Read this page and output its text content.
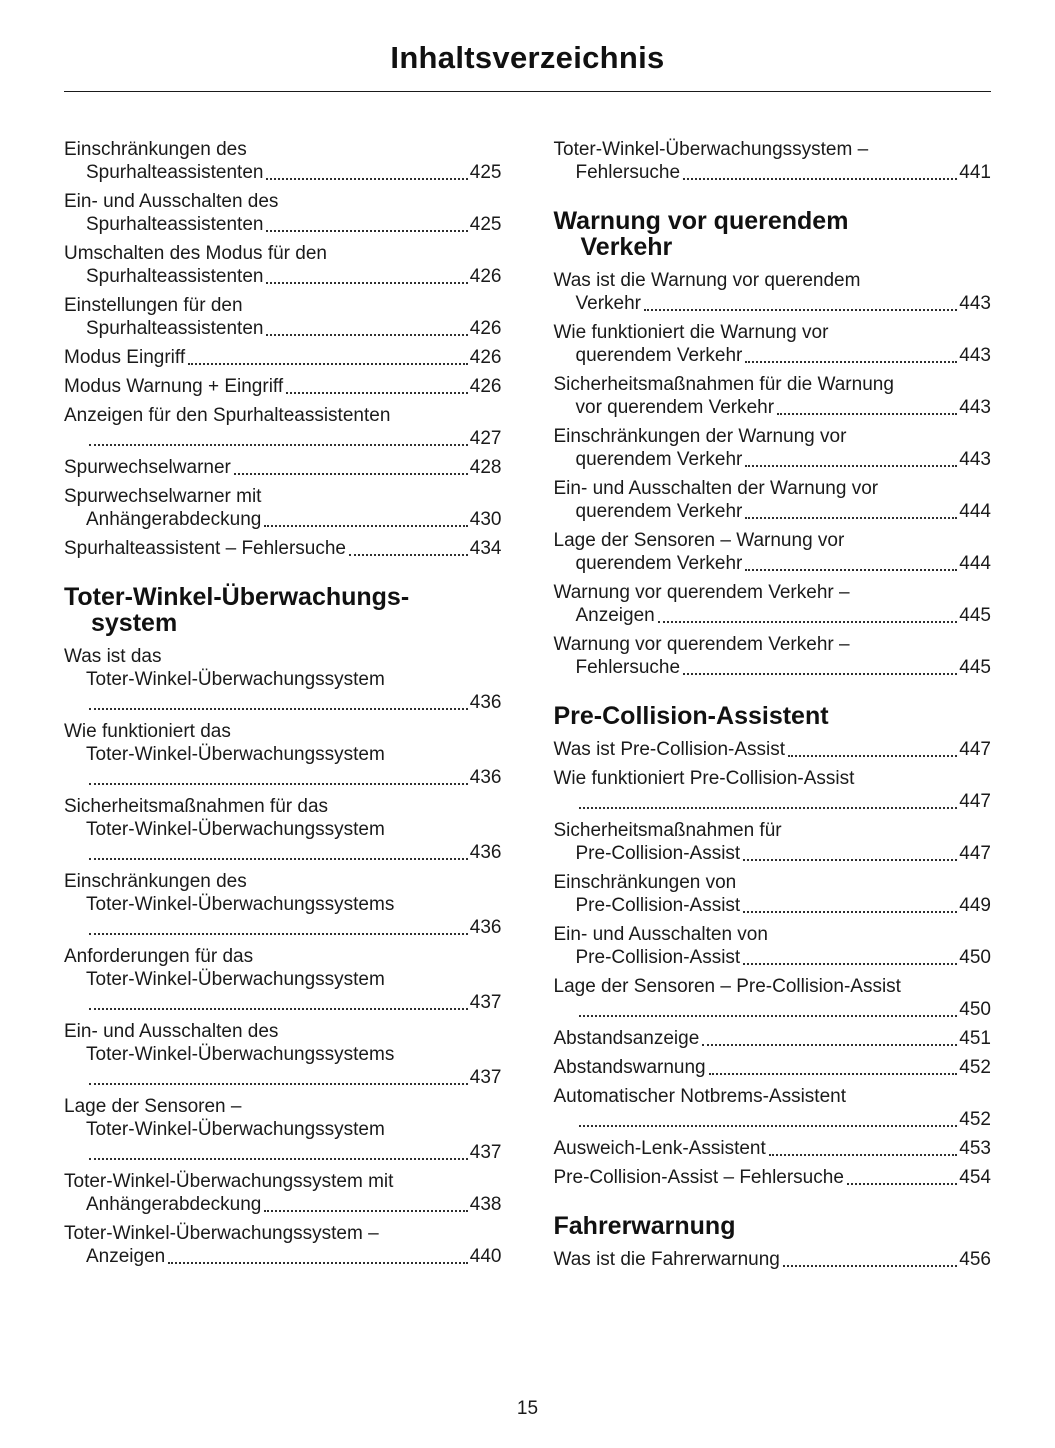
Inhaltsverzeichnis
Einschränkungen des
Spurhalteassistenten	425
Ein- und Ausschalten des
Spurhalteassistenten	425
Umschalten des Modus für den
Spurhalteassistenten	426
Einstellungen für den
Spurhalteassistenten	426
Modus Eingriff	426
Modus Warnung + Eingriff	426
Anzeigen für den Spurhalteassistenten
427
Spurwechselwarner	428
Spurwechselwarner mit
Anhängerabdeckung	430
Spurhalteassistent – Fehlersuche	434
Toter-Winkel-Überwachungs-
system
Was ist das
Toter-Winkel-Überwachungssystem
436
Wie funktioniert das
Toter-Winkel-Überwachungssystem
436
Sicherheitsmaßnahmen für das
Toter-Winkel-Überwachungssystem
436
Einschränkungen des
Toter-Winkel-Überwachungssystems
436
Anforderungen für das
Toter-Winkel-Überwachungssystem
437
Ein- und Ausschalten des
Toter-Winkel-Überwachungssystems
437
Lage der Sensoren –
Toter-Winkel-Überwachungssystem
437
Toter-Winkel-Überwachungssystem mit
Anhängerabdeckung	438
Toter-Winkel-Überwachungssystem –
Anzeigen	440
Toter-Winkel-Überwachungssystem –
Fehlersuche	441
Warnung vor querendem
Verkehr
Was ist die Warnung vor querendem
Verkehr	443
Wie funktioniert die Warnung vor
querendem Verkehr	443
Sicherheitsmaßnahmen für die Warnung
vor querendem Verkehr	443
Einschränkungen der Warnung vor
querendem Verkehr	443
Ein- und Ausschalten der Warnung vor
querendem Verkehr	444
Lage der Sensoren – Warnung vor
querendem Verkehr	444
Warnung vor querendem Verkehr –
Anzeigen	445
Warnung vor querendem Verkehr –
Fehlersuche	445
Pre-Collision-Assistent
Was ist Pre-Collision-Assist	447
Wie funktioniert Pre-Collision-Assist
447
Sicherheitsmaßnahmen für
Pre-Collision-Assist	447
Einschränkungen von
Pre-Collision-Assist	449
Ein- und Ausschalten von
Pre-Collision-Assist	450
Lage der Sensoren – Pre-Collision-Assist
450
Abstandsanzeige	451
Abstandswarnung	452
Automatischer Notbrems-Assistent
452
Ausweich-Lenk-Assistent	453
Pre-Collision-Assist – Fehlersuche	454
Fahrerwarnung
Was ist die Fahrerwarnung	456
15
